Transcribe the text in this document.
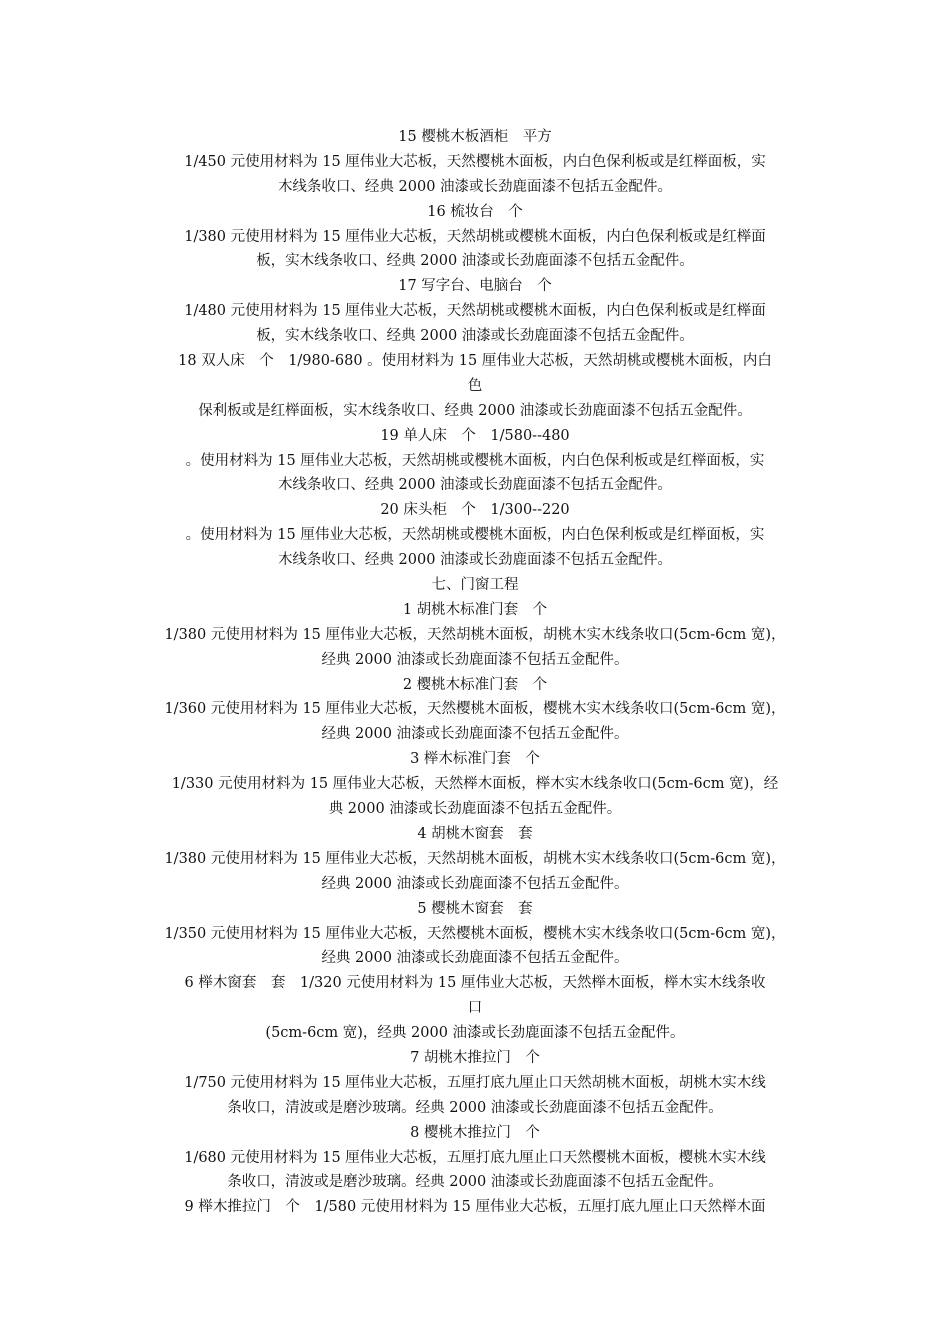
15 樱桃木板酒柜　平方
1/450 元使用材料为 15 厘伟业大芯板，天然樱桃木面板，内白色保利板或是红榉面板，实
木线条收口、经典 2000 油漆或长劲鹿面漆不包括五金配件。
16 梳妆台　个
1/380 元使用材料为 15 厘伟业大芯板，天然胡桃或樱桃木面板，内白色保利板或是红榉面
板，实木线条收口、经典 2000 油漆或长劲鹿面漆不包括五金配件。
17 写字台、电脑台　个
1/480 元使用材料为 15 厘伟业大芯板，天然胡桃或樱桃木面板，内白色保利板或是红榉面
板，实木线条收口、经典 2000 油漆或长劲鹿面漆不包括五金配件。
18 双人床　个　1/980-680 。使用材料为 15 厘伟业大芯板，天然胡桃或樱桃木面板，内白
色
保利板或是红榉面板，实木线条收口、经典 2000 油漆或长劲鹿面漆不包括五金配件。
19 单人床　个　1/580--480
。使用材料为 15 厘伟业大芯板，天然胡桃或樱桃木面板，内白色保利板或是红榉面板，实
木线条收口、经典 2000 油漆或长劲鹿面漆不包括五金配件。
20 床头柜　个　1/300--220
。使用材料为 15 厘伟业大芯板，天然胡桃或樱桃木面板，内白色保利板或是红榉面板，实
木线条收口、经典 2000 油漆或长劲鹿面漆不包括五金配件。
七、门窗工程
1 胡桃木标准门套　个
1/380 元使用材料为 15 厘伟业大芯板，天然胡桃木面板，胡桃木实木线条收口(5cm-6cm 宽)，
经典 2000 油漆或长劲鹿面漆不包括五金配件。
2 樱桃木标准门套　个
1/360 元使用材料为 15 厘伟业大芯板，天然樱桃木面板，樱桃木实木线条收口(5cm-6cm 宽)，
经典 2000 油漆或长劲鹿面漆不包括五金配件。
3 榉木标准门套　个
1/330 元使用材料为 15 厘伟业大芯板，天然榉木面板，榉木实木线条收口(5cm-6cm 宽)，经
典 2000 油漆或长劲鹿面漆不包括五金配件。
4 胡桃木窗套　套
1/380 元使用材料为 15 厘伟业大芯板，天然胡桃木面板，胡桃木实木线条收口(5cm-6cm 宽)，
经典 2000 油漆或长劲鹿面漆不包括五金配件。
5 樱桃木窗套　套
1/350 元使用材料为 15 厘伟业大芯板，天然樱桃木面板，樱桃木实木线条收口(5cm-6cm 宽)，
经典 2000 油漆或长劲鹿面漆不包括五金配件。
6 榉木窗套　套　1/320 元使用材料为 15 厘伟业大芯板，天然榉木面板，榉木实木线条收
口
(5cm-6cm 宽)，经典 2000 油漆或长劲鹿面漆不包括五金配件。
7 胡桃木推拉门　个
1/750 元使用材料为 15 厘伟业大芯板，五厘打底九厘止口天然胡桃木面板，胡桃木实木线
条收口，清波或是磨沙玻璃。经典 2000 油漆或长劲鹿面漆不包括五金配件。
8 樱桃木推拉门　个
1/680 元使用材料为 15 厘伟业大芯板，五厘打底九厘止口天然樱桃木面板，樱桃木实木线
条收口，清波或是磨沙玻璃。经典 2000 油漆或长劲鹿面漆不包括五金配件。
9 榉木推拉门　个　1/580 元使用材料为 15 厘伟业大芯板，五厘打底九厘止口天然榉木面
